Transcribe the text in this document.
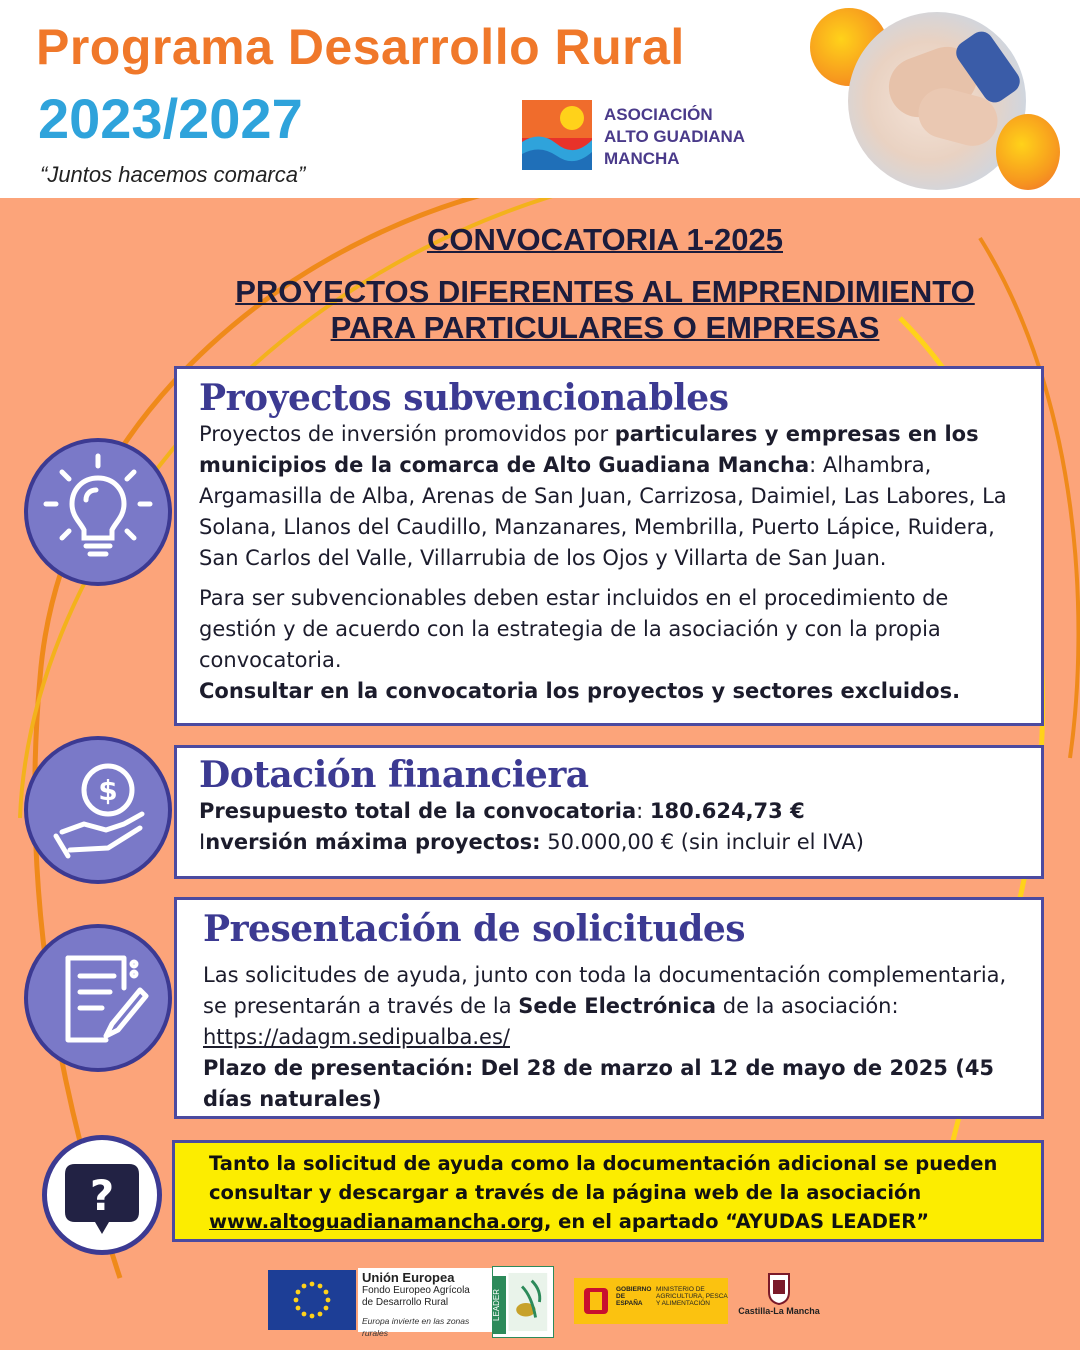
Programa Desarrollo Rural
2023/2027
“Juntos hacemos comarca”
ASOCIACIÓN
ALTO GUADIANA
MANCHA
CONVOCATORIA 1-2025
PROYECTOS DIFERENTES AL EMPRENDIMIENTO
PARA PARTICULARES O EMPRESAS
$
?
Proyectos subvencionables

Proyectos de inversión promovidos por particulares y empresas en los municipios de la comarca de Alto Guadiana Mancha: Alhambra, Argamasilla de Alba, Arenas de San Juan, Carrizosa, Daimiel, Las Labores, La Solana, Llanos del Caudillo, Manzanares, Membrilla, Puerto Lápice, Ruidera, San Carlos del Valle, Villarrubia de los Ojos y Villarta de San Juan.

Para ser subvencionables deben estar incluidos en el procedimiento de gestión y de acuerdo con la estrategia de la asociación y con la propia convocatoria.

Consultar en la convocatoria los proyectos y sectores excluidos.

Dotación financiera

Presupuesto total de la convocatoria: 180.624,73 €

Inversión máxima proyectos: 50.000,00 € (sin incluir el IVA)

Presentación de solicitudes

Las solicitudes de ayuda, junto con toda la documentación complementaria, se presentarán a través de la Sede Electrónica de la asociación: https://adagm.sedipualba.es/

Plazo de presentación: Del 28 de marzo al 12 de mayo de 2025 (45 días naturales)

Tanto la solicitud de ayuda como la documentación adicional se pueden consultar y descargar a través de la página web de la asociación www.altoguadianamancha.org, en el apartado “AYUDAS LEADER”

Unión Europea
Fondo Europeo Agrícola
de Desarrollo Rural
Europa invierte en las zonas rurales
LEADER	GOBIERNO DE ESPAÑA
MINISTERIO DE AGRICULTURA, PESCA Y ALIMENTACIÓN
Castilla-La Mancha
